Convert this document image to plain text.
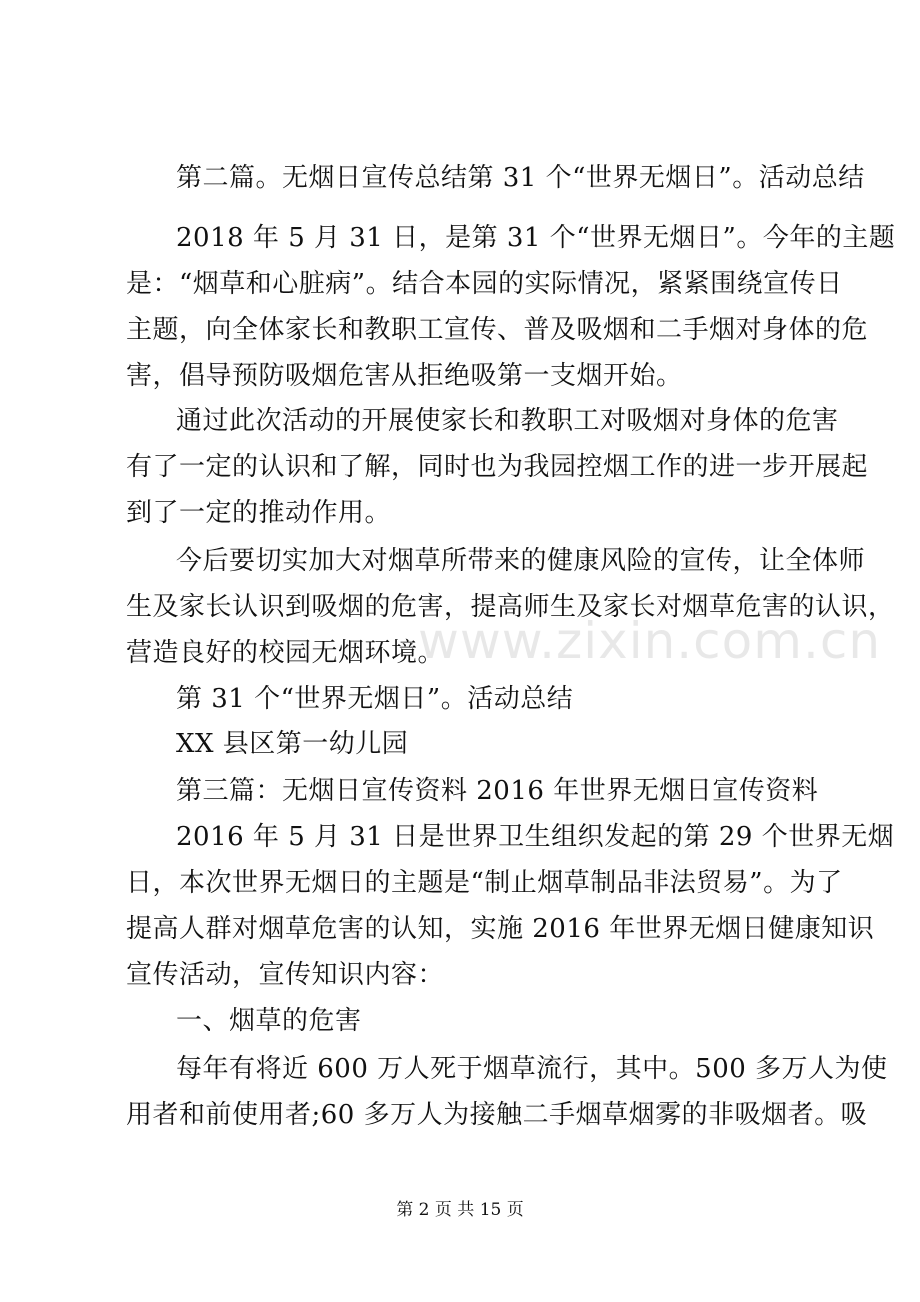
第二篇。无烟日宣传总结第 31 个“世界无烟日”。活动总结
2018 年 5 月 31 日，是第 31 个“世界无烟日”。今年的主题
是：“烟草和心脏病”。结合本园的实际情况，紧紧围绕宣传日
主题，向全体家长和教职工宣传、普及吸烟和二手烟对身体的危
害，倡导预防吸烟危害从拒绝吸第一支烟开始。
通过此次活动的开展使家长和教职工对吸烟对身体的危害
有了一定的认识和了解，同时也为我园控烟工作的进一步开展起
到了一定的推动作用。
今后要切实加大对烟草所带来的健康风险的宣传，让全体师
生及家长认识到吸烟的危害，提高师生及家长对烟草危害的认识，
营造良好的校园无烟环境。
第 31 个“世界无烟日”。活动总结
XX 县区第一幼儿园
第三篇：无烟日宣传资料 2016 年世界无烟日宣传资料
2016 年 5 月 31 日是世界卫生组织发起的第 29 个世界无烟
日，本次世界无烟日的主题是“制止烟草制品非法贸易”。为了
提高人群对烟草危害的认知，实施 2016 年世界无烟日健康知识
宣传活动，宣传知识内容：
一、烟草的危害
每年有将近 600 万人死于烟草流行，其中。500 多万人为使
用者和前使用者;60 多万人为接触二手烟草烟雾的非吸烟者。吸
www.zixin.com.cn
第 2 页 共 15 页
